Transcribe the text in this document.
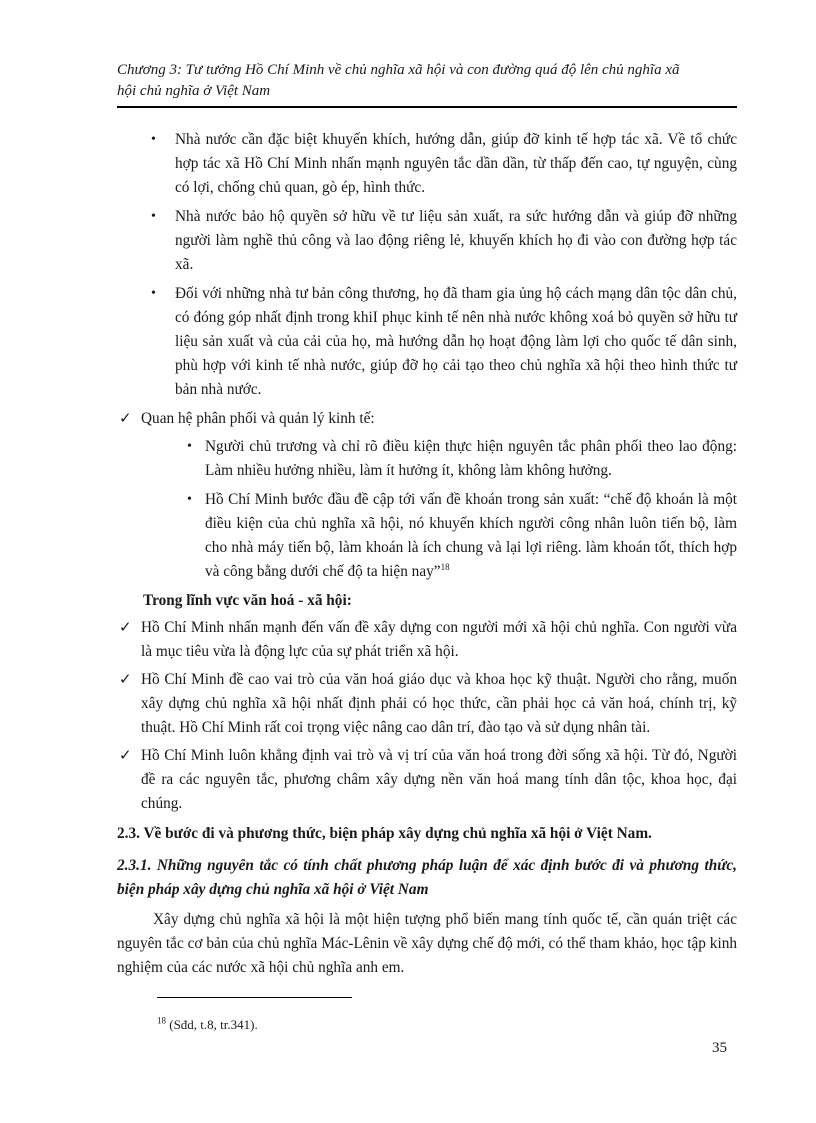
Chương 3: Tư tưởng Hồ Chí Minh về chủ nghĩa xã hội và con đường quá độ lên chủ nghĩa xã
hội chủ nghĩa ở Việt Nam
• Nhà nước cần đặc biệt khuyến khích, hướng dẫn, giúp đỡ kinh tế hợp tác xã. Về tổ chức hợp tác xã Hồ Chí Minh nhấn mạnh nguyên tắc dần dần, từ thấp đến cao, tự nguyện, cùng có lợi, chống chủ quan, gò ép, hình thức.
• Nhà nước bảo hộ quyền sở hữu về tư liệu sản xuất, ra sức hướng dẫn và giúp đỡ những người làm nghề thủ công và lao động riêng lẻ, khuyến khích họ đi vào con đường hợp tác xã.
• Đối với những nhà tư bản công thương, họ đã tham gia ủng hộ cách mạng dân tộc dân chủ, có đóng góp nhất định trong khiI phục kinh tế nên nhà nước không xoá bỏ quyền sở hữu tư liệu sản xuất và của cải của họ, mà hướng dẫn họ hoạt động làm lợi cho quốc tế dân sinh, phù hợp với kinh tế nhà nước, giúp đỡ họ cải tạo theo chủ nghĩa xã hội theo hình thức tư bản nhà nước.
✓ Quan hệ phân phối và quản lý kinh tế:
• Người chủ trương và chỉ rõ điều kiện thực hiện nguyên tắc phân phối theo lao động: Làm nhiều hưởng nhiều, làm ít hưởng ít, không làm không hưởng.
• Hồ Chí Minh bước đầu đề cập tới vấn đề khoán trong sản xuất: “chế độ khoán là một điều kiện của chủ nghĩa xã hội, nó khuyến khích người công nhân luôn tiến bộ, làm cho nhà máy tiến bộ, làm khoán là ích chung và lại lợi riêng. làm khoán tốt, thích hợp và công bằng dưới chế độ ta hiện nay”$^{18}$
Trong lĩnh vực văn hoá - xã hội:
✓ Hồ Chí Minh nhấn mạnh đến vấn đề xây dựng con người mới xã hội chủ nghĩa. Con người vừa là mục tiêu vừa là động lực của sự phát triển xã hội.
✓ Hồ Chí Minh đề cao vai trò của văn hoá giáo dục và khoa học kỹ thuật. Người cho rằng, muốn xây dựng chủ nghĩa xã hội nhất định phải có học thức, cần phải học cả văn hoá, chính trị, kỹ thuật. Hồ Chí Minh rất coi trọng việc nâng cao dân trí, đào tạo và sử dụng nhân tài.
✓ Hồ Chí Minh luôn khẳng định vai trò và vị trí của văn hoá trong đời sống xã hội. Từ đó, Người đề ra các nguyên tắc, phương châm xây dựng nền văn hoá mang tính dân tộc, khoa học, đại chúng.
2.3. Về bước đi và phương thức, biện pháp xây dựng chủ nghĩa xã hội ở Việt Nam.
2.3.1. Những nguyên tắc có tính chất phương pháp luận để xác định bước đi và phương thức, biện pháp xây dựng chủ nghĩa xã hội ở Việt Nam
Xây dựng chủ nghĩa xã hội là một hiện tượng phổ biến mang tính quốc tế, cần quán triệt các nguyên tắc cơ bản của chủ nghĩa Mác-Lênin về xây dựng chế độ mới, có thể tham khảo, học tập kinh nghiệm của các nước xã hội chủ nghĩa anh em.
$^{18}$ (Sđd, t.8, tr.341).
35
